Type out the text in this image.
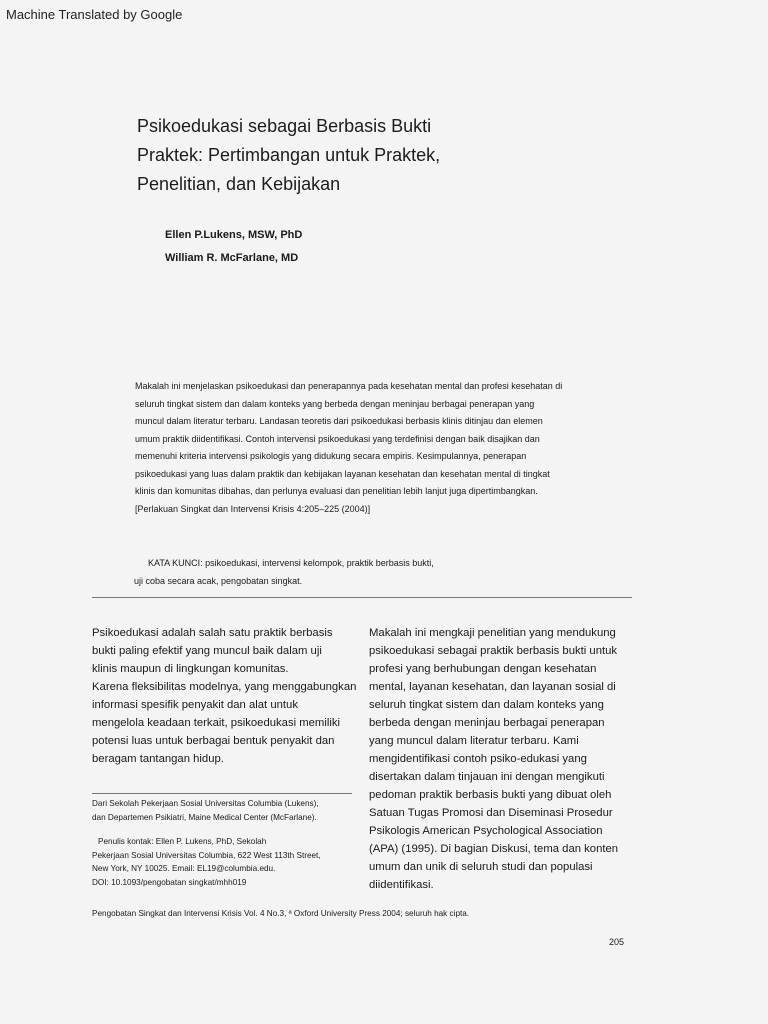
Machine Translated by Google
Psikoedukasi sebagai Berbasis Bukti
Praktek: Pertimbangan untuk Praktek,
Penelitian, dan Kebijakan
Ellen P.Lukens, MSW, PhD
William R. McFarlane, MD
Makalah ini menjelaskan psikoedukasi dan penerapannya pada kesehatan mental dan profesi kesehatan di
seluruh tingkat sistem dan dalam konteks yang berbeda dengan meninjau berbagai penerapan yang
muncul dalam literatur terbaru. Landasan teoretis dari psikoedukasi berbasis klinis ditinjau dan elemen
umum praktik diidentifikasi. Contoh intervensi psikoedukasi yang terdefinisi dengan baik disajikan dan
memenuhi kriteria intervensi psikologis yang didukung secara empiris. Kesimpulannya, penerapan
psikoedukasi yang luas dalam praktik dan kebijakan layanan kesehatan dan kesehatan mental di tingkat
klinis dan komunitas dibahas, dan perlunya evaluasi dan penelitian lebih lanjut juga dipertimbangkan.
[Perlakuan Singkat dan Intervensi Krisis 4:205–225 (2004)]
KATA KUNCI: psikoedukasi, intervensi kelompok, praktik berbasis bukti,
uji coba secara acak, pengobatan singkat.
Psikoedukasi adalah salah satu praktik berbasis
bukti paling efektif yang muncul baik dalam uji
klinis maupun di lingkungan komunitas.
Karena fleksibilitas modelnya, yang menggabungkan
informasi spesifik penyakit dan alat untuk
mengelola keadaan terkait, psikoedukasi memiliki
potensi luas untuk berbagai bentuk penyakit dan
beragam tantangan hidup.
Makalah ini mengkaji penelitian yang mendukung
psikoedukasi sebagai praktik berbasis bukti untuk
profesi yang berhubungan dengan kesehatan
mental, layanan kesehatan, dan layanan sosial di
seluruh tingkat sistem dan dalam konteks yang
berbeda dengan meninjau berbagai penerapan
yang muncul dalam literatur terbaru. Kami
mengidentifikasi contoh psiko-edukasi yang
disertakan dalam tinjauan ini dengan mengikuti
pedoman praktik berbasis bukti yang dibuat oleh
Satuan Tugas Promosi dan Diseminasi Prosedur
Psikologis American Psychological Association
(APA) (1995). Di bagian Diskusi, tema dan konten
umum dan unik di seluruh studi dan populasi
diidentifikasi.
Dari Sekolah Pekerjaan Sosial Universitas Columbia (Lukens),
dan Departemen Psikiatri, Maine Medical Center (McFarlane).
Penulis kontak: Ellen P. Lukens, PhD, Sekolah
Pekerjaan Sosial Universitas Columbia, 622 West 113th Street,
New York, NY 10025. Email: EL19@columbia.edu.
DOI: 10.1093/pengobatan singkat/mhh019
Pengobatan Singkat dan Intervensi Krisis Vol. 4 No.3, ª Oxford University Press 2004; seluruh hak cipta.
205
